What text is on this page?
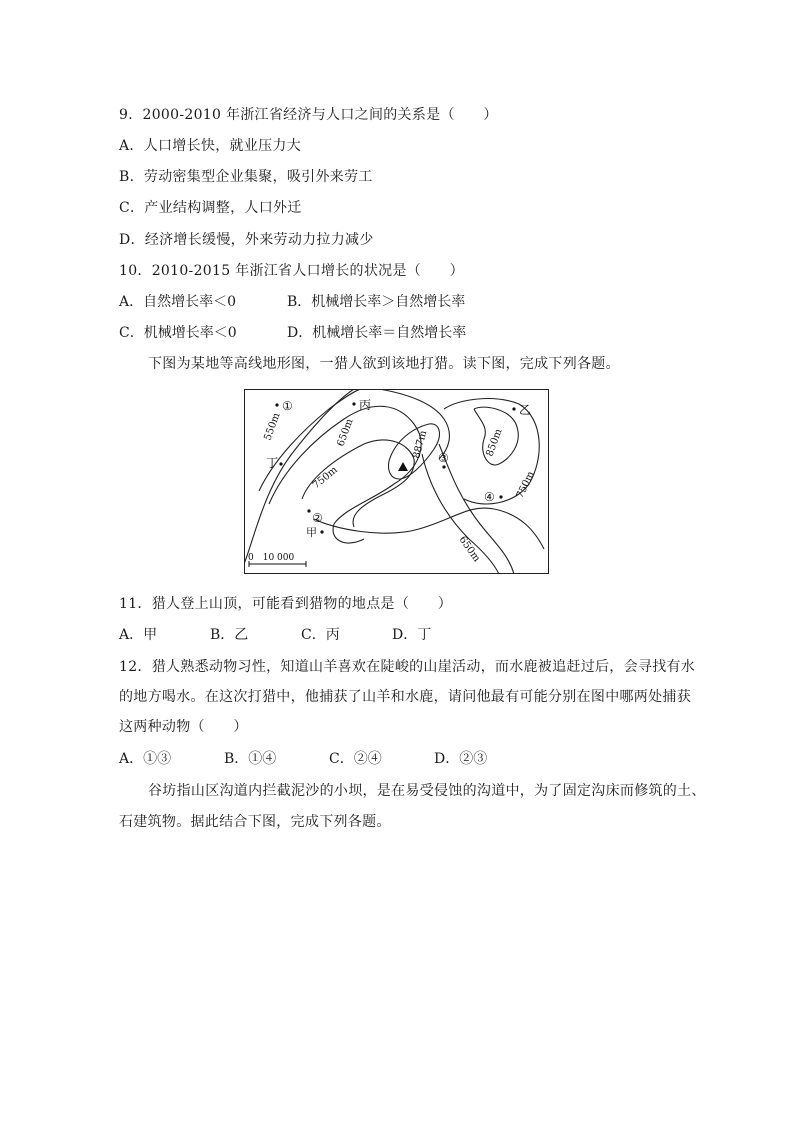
9．2000-2010 年浙江省经济与人口之间的关系是（　　）
A．人口增长快，就业压力大
B．劳动密集型企业集聚，吸引外来劳工
C．产业结构调整，人口外迁
D．经济增长缓慢，外来劳动力拉力减少
10．2010-2015 年浙江省人口增长的状况是（　　）
A．自然增长率＜0	B．机械增长率＞自然增长率
C．机械增长率＜0	D．机械增长率＝自然增长率
下图为某地等高线地形图，一猎人欲到该地打猎。读下图，完成下列各题。
550m	650m
750m
887m	850m
750m
650m
①	丙	乙
丁	③
④
②
甲
0　10 000
11．猎人登上山顶，可能看到猎物的地点是（　　）
A．甲	B．乙	C．丙	D．丁
12．猎人熟悉动物习性，知道山羊喜欢在陡峻的山崖活动，而水鹿被追赶过后，会寻找有水
的地方喝水。在这次打猎中，他捕获了山羊和水鹿，请问他最有可能分别在图中哪两处捕获
这两种动物（　　）
A．①③	B．①④	C．②④	D．②③
谷坊指山区沟道内拦截泥沙的小坝，是在易受侵蚀的沟道中，为了固定沟床而修筑的土、
石建筑物。据此结合下图，完成下列各题。
